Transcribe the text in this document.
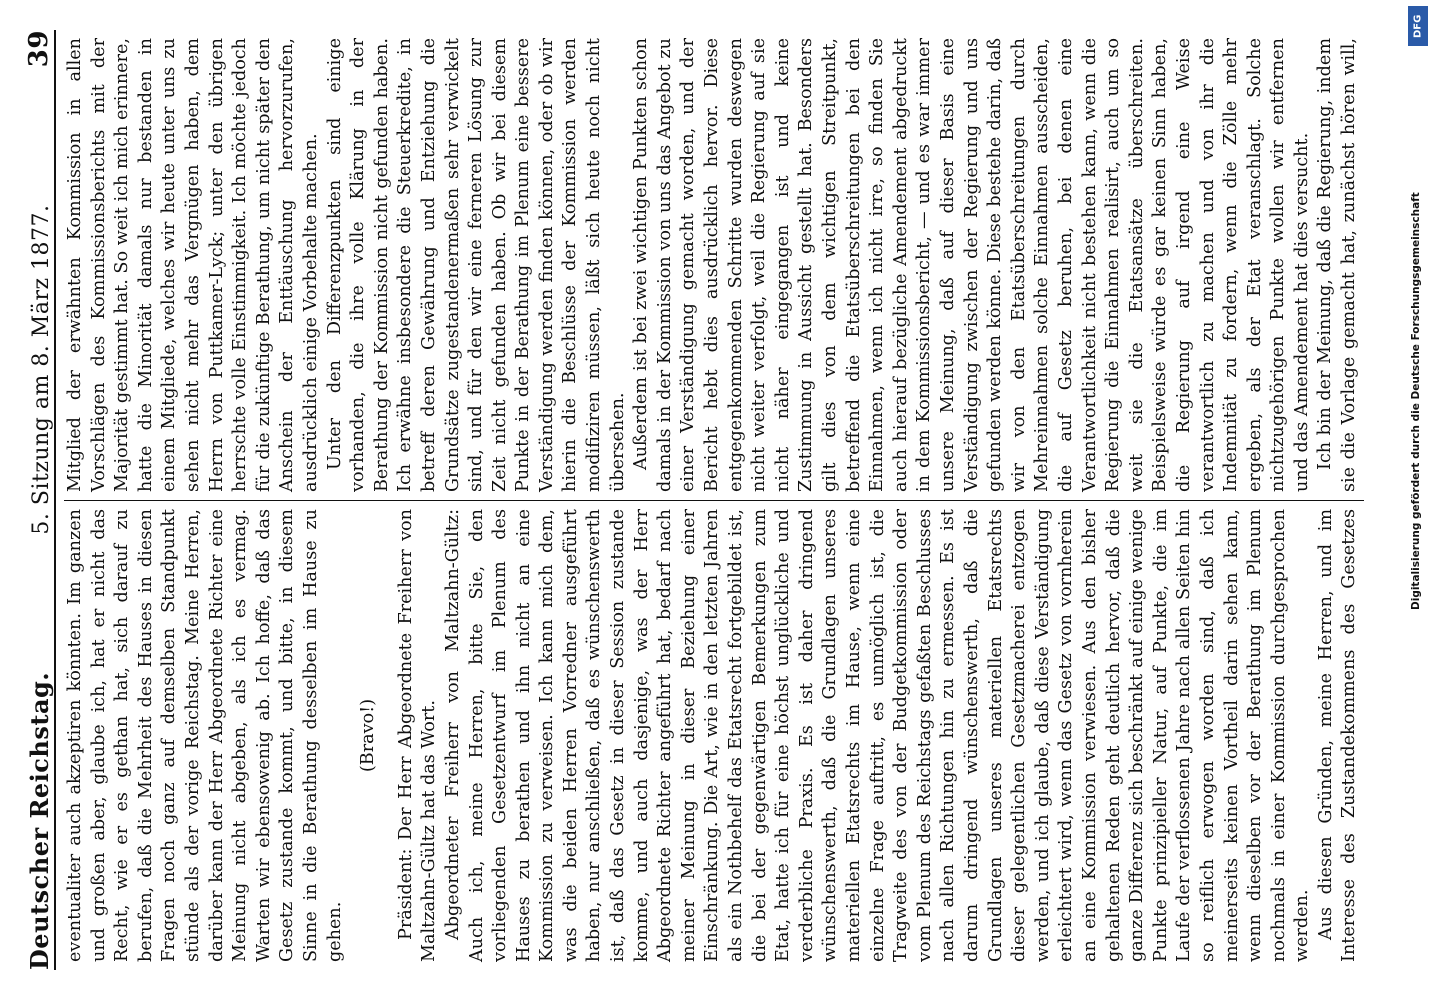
Deutscher Reichstag.
5. Sitzung am 8. März 1877.
39

eventualiter auch akzeptiren könnten. Im ganzen und großen aber, glaube ich, hat er nicht das Recht, wie er es gethan hat, sich darauf zu berufen, daß die Mehrheit des Hauses in diesen Fragen noch ganz auf demselben Standpunkt stünde als der vorige Reichstag. Meine Herren, darüber kann der Herr Abgeordnete Richter eine Meinung nicht abgeben, als ich es vermag. Warten wir ebensowenig ab. Ich hoffe, daß das Gesetz zustande kommt, und bitte, in diesem Sinne in die Berathung desselben im Hause zu gehen.

(Bravo!) Präsident: Der Herr Abgeordnete Freiherr von Maltzahn-Gültz hat das Wort. Abgeordneter Freiherr von Maltzahn-Gültz: Auch ich, meine Herren, bitte Sie, den vorliegenden Gesetzentwurf im Plenum des Hauses zu berathen und ihn nicht an eine Kommission zu verweisen. Ich kann mich dem, was die beiden Herren Vorredner ausgeführt haben, nur anschließen, daß es wünschenswerth ist, daß das Gesetz in dieser Session zustande komme, und auch dasjenige, was der Herr Abgeordnete Richter angeführt hat, bedarf nach meiner Meinung in dieser Beziehung einer Einschränkung. Die Art, wie in den letzten Jahren als ein Nothbehelf das Etatsrecht fortgebildet ist, die bei der gegenwärtigen Bemerkungen zum Etat, hatte ich für eine höchst unglückliche und verderbliche Praxis. Es ist daher dringend wünschenswerth, daß die Grundlagen unseres materiellen Etatsrechts im Hause, wenn eine einzelne Frage auftritt, es unmöglich ist, die Tragweite des von der Budgetkommission oder vom Plenum des Reichstags gefaßten Beschlusses nach allen Richtungen hin zu ermessen. Es ist darum dringend wünschenswerth, daß die Grundlagen unseres materiellen Etatsrechts dieser gelegentlichen Gesetzmacherei entzogen werden, und ich glaube, daß diese Verständigung erleichtert wird, wenn das Gesetz von vornherein an eine Kommission verwiesen. Aus den bisher gehaltenen Reden geht deutlich hervor, daß die ganze Differenz sich beschränkt auf einige wenige Punkte prinzipieller Natur, auf Punkte, die im Laufe der verflossenen Jahre nach allen Seiten hin so reiflich erwogen worden sind, daß ich meinerseits keinen Vortheil darin sehen kann, wenn dieselben vor der Berathung im Plenum nochmals in einer Kommission durchgesprochen werden. Aus diesen Gründen, meine Herren, und im Interesse des Zustandekommens des Gesetzes

Mitglied der erwähnten Kommission in allen Vorschlägen des Kommissionsberichts mit der Majorität gestimmt hat. So weit ich mich erinnere, hatte die Minorität damals nur bestanden in einem Mitgliede, welches wir heute unter uns zu sehen nicht mehr das Vergnügen haben, dem Herrn von Puttkamer-Lyck; unter den übrigen herrschte volle Einstimmigkeit. Ich möchte jedoch für die zukünftige Berathung, um nicht später den Anschein der Enttäuschung hervorzurufen, ausdrücklich einige Vorbehalte machen. Unter den Differenzpunkten sind einige vorhanden, die ihre volle Klärung in der Berathung der Kommission nicht gefunden haben. Ich erwähne insbesondere die Steuerkredite, in betreff deren Gewährung und Entziehung die Grundsätze zugestandenermaßen sehr verwickelt sind, und für den wir eine ferneren Lösung zur Zeit nicht gefunden haben. Ob wir bei diesem Punkte in der Berathung im Plenum eine bessere Verständigung werden finden können, oder ob wir hierin die Beschlüsse der Kommission werden modifiziren müssen, läßt sich heute noch nicht übersehen. Außerdem ist bei zwei wichtigen Punkten schon damals in der Kommission von uns das Angebot zu einer Verständigung gemacht worden, und der Bericht hebt dies ausdrücklich hervor. Diese entgegenkommenden Schritte wurden deswegen nicht weiter verfolgt, weil die Regierung auf sie nicht näher eingegangen ist und keine Zustimmung in Aussicht gestellt hat. Besonders gilt dies von dem wichtigen Streitpunkt, betreffend die Etatsüberschreitungen bei den Einnahmen, wenn ich nicht irre, so finden Sie auch hierauf bezügliche Amendement abgedruckt in dem Kommissionsbericht, — und es war immer unsere Meinung, daß auf dieser Basis eine Verständigung zwischen der Regierung und uns gefunden werden könne. Diese bestehe darin, daß wir von den Etatsüberschreitungen durch Mehreinnahmen solche Einnahmen ausscheiden, die auf Gesetz beruhen, bei denen eine Verantwortlichkeit nicht bestehen kann, wenn die Regierung die Einnahmen realisirt, auch um so weit sie die Etatsansätze überschreiten. Beispielsweise würde es gar keinen Sinn haben, die Regierung auf irgend eine Weise verantwortlich zu machen und von ihr die Indemnität zu fordern, wenn die Zölle mehr ergeben, als der Etat veranschlagt. Solche nichtzugehörigen Punkte wollen wir entfernen und das Amendement hat dies versucht. Ich bin der Meinung, daß die Regierung, indem sie die Vorlage gemacht hat, zunächst hören will,

DFG
Digitalisierung gefördert durch die Deutsche Forschungsgemeinschaft
